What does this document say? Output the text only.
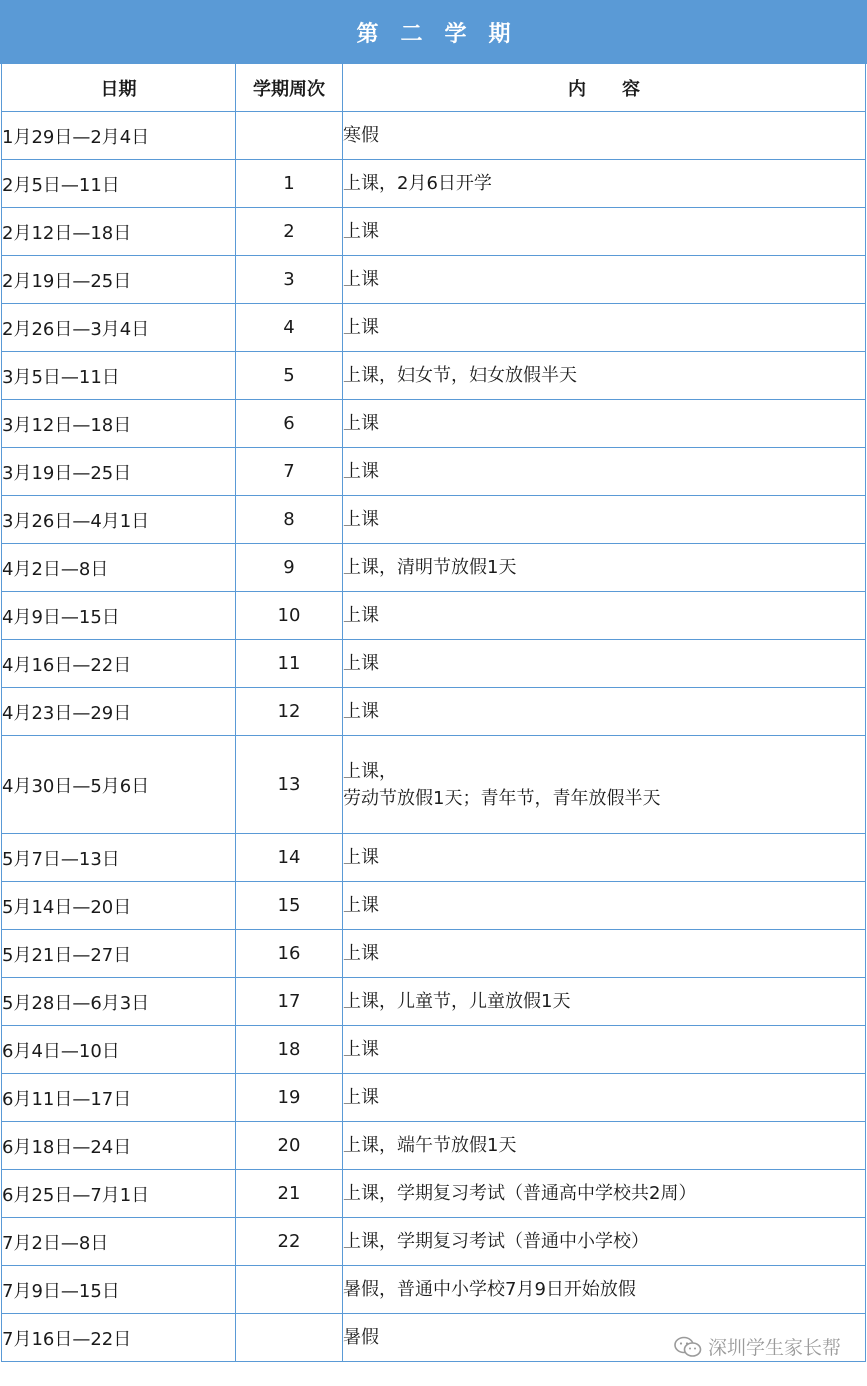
第　二　学　期
日期	学期周次	内　　容
1月29日—2月4日		寒假

2月5日—11日	1	上课，2月6日开学

2月12日—18日	2	上课

2月19日—25日	3	上课

2月26日—3月4日	4	上课

3月5日—11日	5	上课，妇女节，妇女放假半天

3月12日—18日	6	上课

3月19日—25日	7	上课

3月26日—4月1日	8	上课

4月2日—8日	9	上课，清明节放假1天

4月9日—15日	10	上课

4月16日—22日	11	上课

4月23日—29日	12	上课

4月30日—5月6日	13	上课，
劳动节放假1天；青年节，青年放假半天

5月7日—13日	14	上课

5月14日—20日	15	上课

5月21日—27日	16	上课

5月28日—6月3日	17	上课，儿童节，儿童放假1天

6月4日—10日	18	上课

6月11日—17日	19	上课

6月18日—24日	20	上课，端午节放假1天

6月25日—7月1日	21	上课，学期复习考试（普通高中学校共2周）

7月2日—8日	22	上课，学期复习考试（普通中小学校）

7月9日—15日		暑假，普通中小学校7月9日开始放假

7月16日—22日		暑假	深圳学生家长帮
